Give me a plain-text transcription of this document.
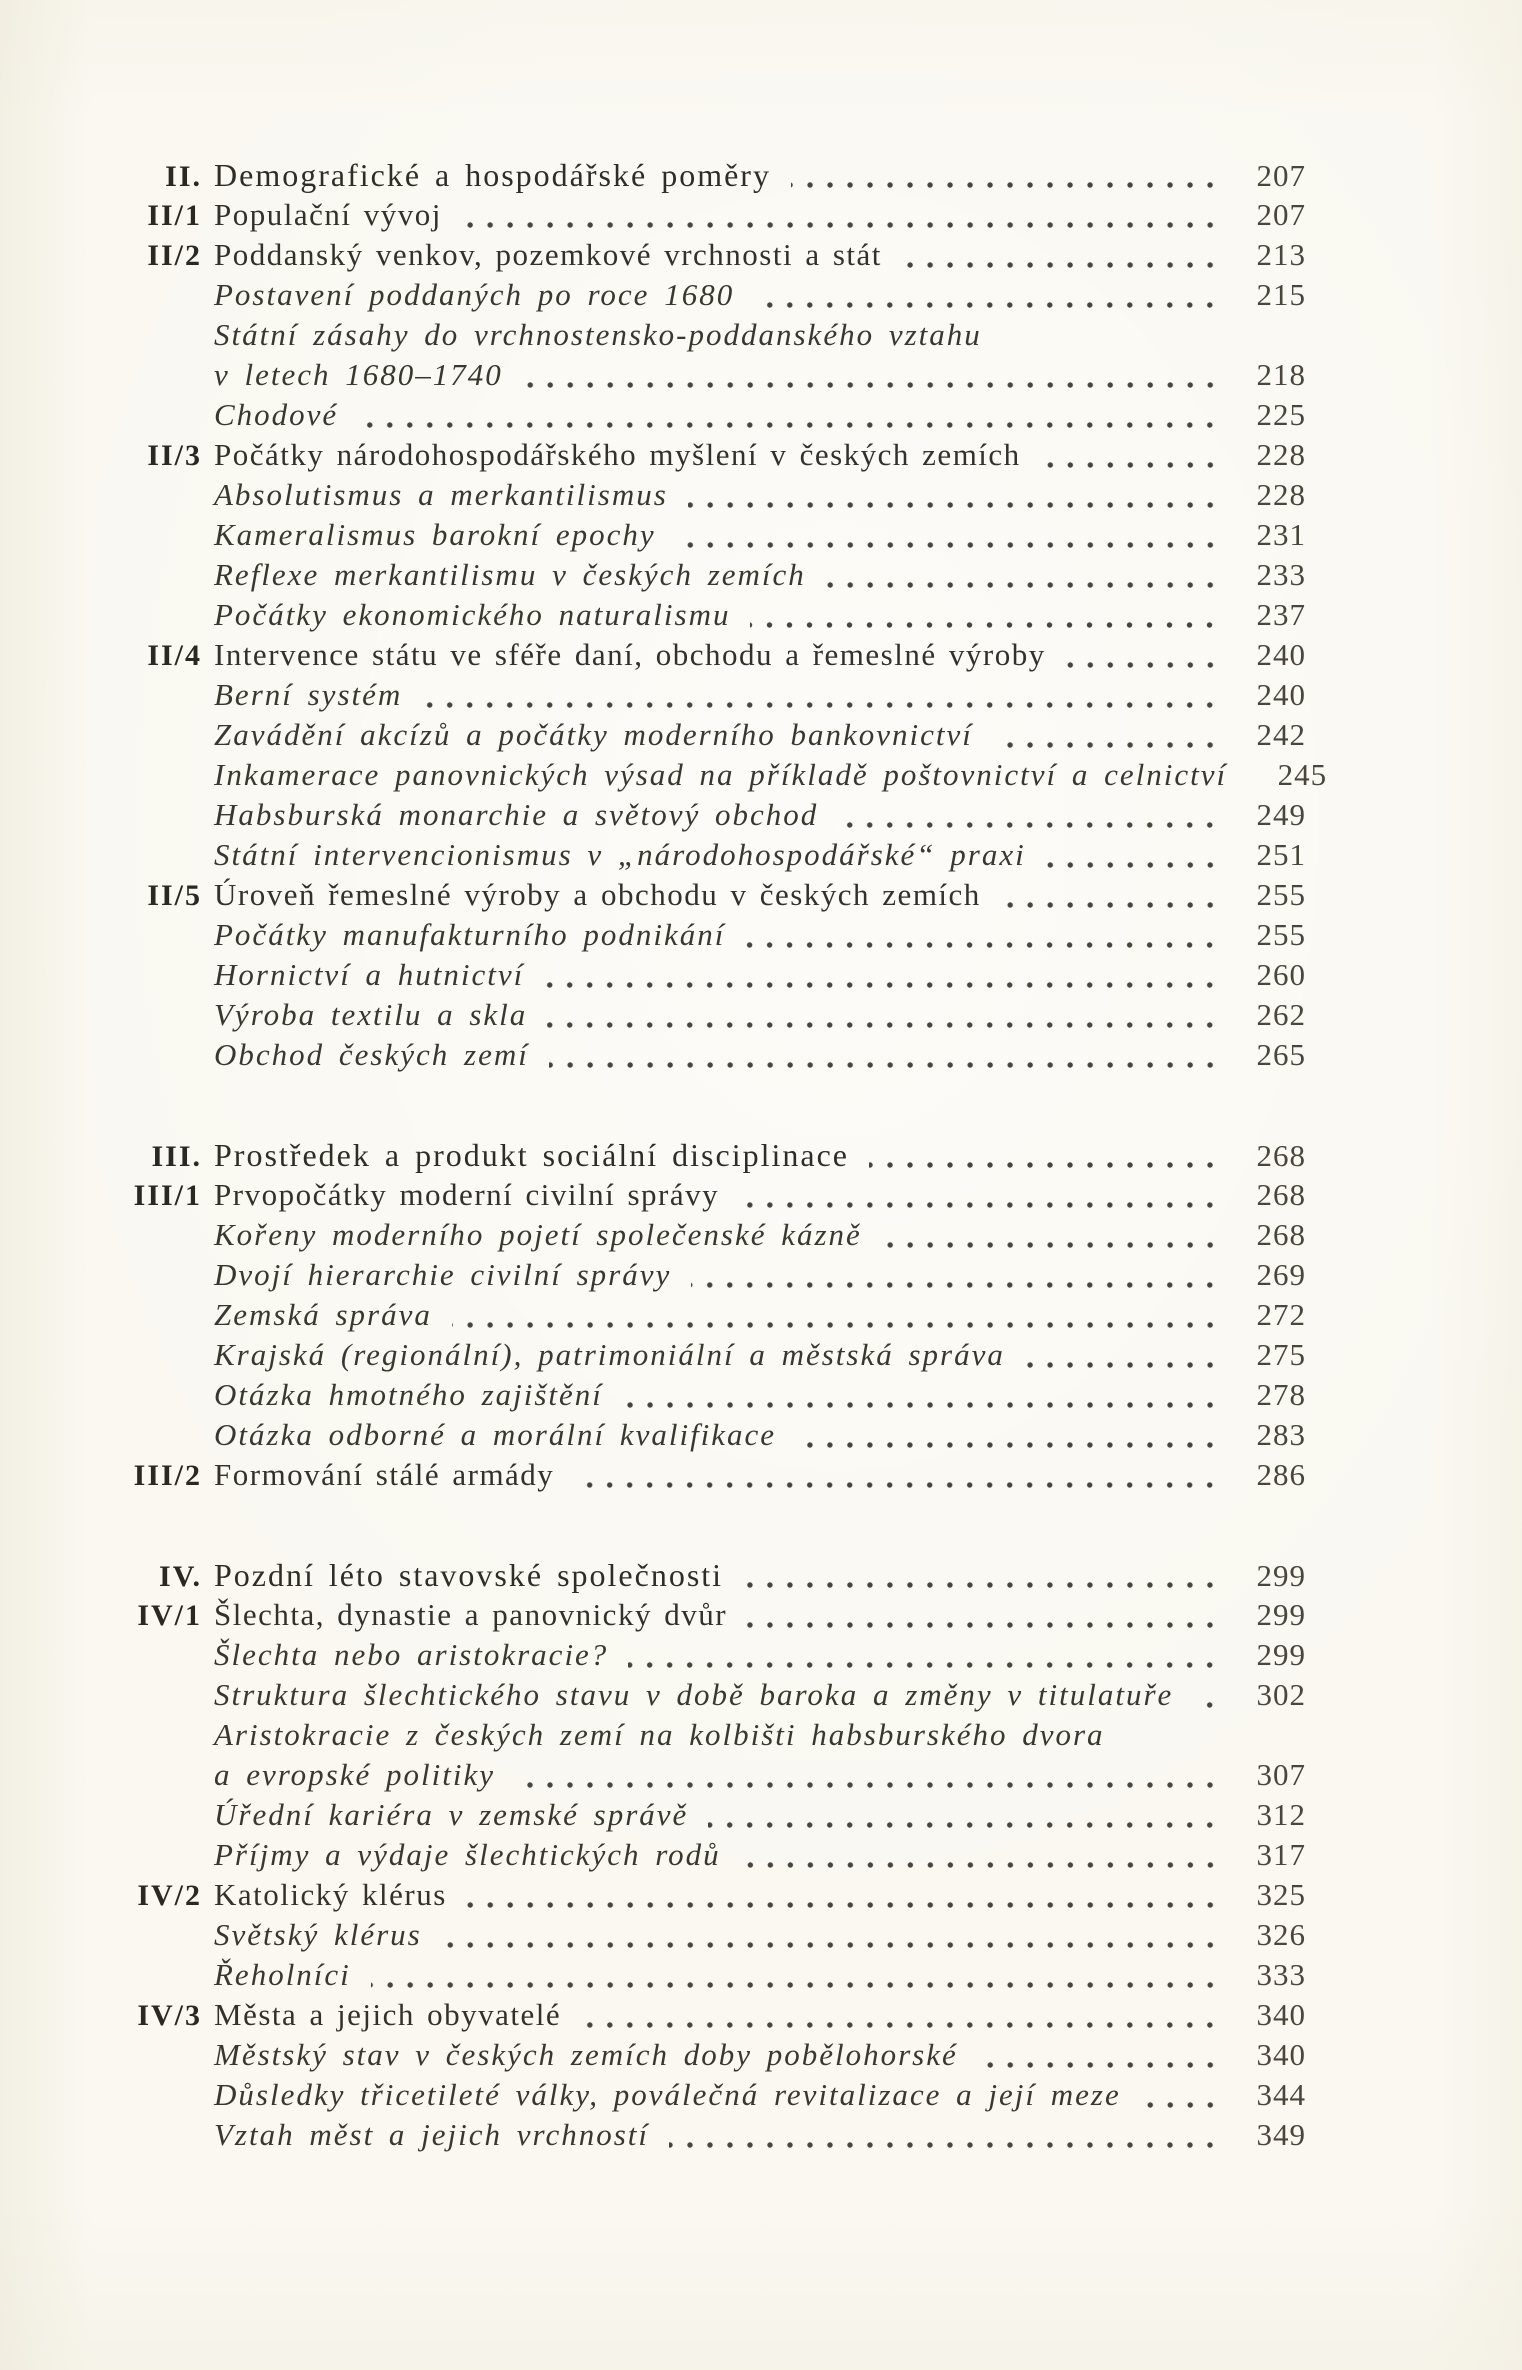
II. Demografické a hospodářské poměry	207
II/1 Populační vývoj	207
II/2 Poddanský venkov, pozemkové vrchnosti a stát	213
Postavení poddaných po roce 1680	215
Státní zásahy do vrchnostensko-poddanského vztahu
v letech 1680–1740	218
Chodové	225
II/3 Počátky národohospodářského myšlení v českých zemích	228
Absolutismus a merkantilismus	228
Kameralismus barokní epochy	231
Reflexe merkantilismu v českých zemích	233
Počátky ekonomického naturalismu	237
II/4 Intervence státu ve sféře daní, obchodu a řemeslné výroby	240
Berní systém	240
Zavádění akcízů a počátky moderního bankovnictví	242
Inkamerace panovnických výsad na příkladě poštovnictví a celnictví	245
Habsburská monarchie a světový obchod	249
Státní intervencionismus v „národohospodářské“ praxi	251
II/5 Úroveň řemeslné výroby a obchodu v českých zemích	255
Počátky manufakturního podnikání	255
Hornictví a hutnictví	260
Výroba textilu a skla	262
Obchod českých zemí	265
III. Prostředek a produkt sociální disciplinace	268
III/1 Prvopočátky moderní civilní správy	268
Kořeny moderního pojetí společenské kázně	268
Dvojí hierarchie civilní správy	269
Zemská správa	272
Krajská (regionální), patrimoniální a městská správa	275
Otázka hmotného zajištění	278
Otázka odborné a morální kvalifikace	283
III/2 Formování stálé armády	286
IV. Pozdní léto stavovské společnosti	299
IV/1 Šlechta, dynastie a panovnický dvůr	299
Šlechta nebo aristokracie?	299
Struktura šlechtického stavu v době baroka a změny v titulatuře	302
Aristokracie z českých zemí na kolbišti habsburského dvora
a evropské politiky	307
Úřední kariéra v zemské správě	312
Příjmy a výdaje šlechtických rodů	317
IV/2 Katolický klérus	325
Světský klérus	326
Řeholníci	333
IV/3 Města a jejich obyvatelé	340
Městský stav v českých zemích doby pobělohorské	340
Důsledky třicetileté války, poválečná revitalizace a její meze	344
Vztah měst a jejich vrchností	349
